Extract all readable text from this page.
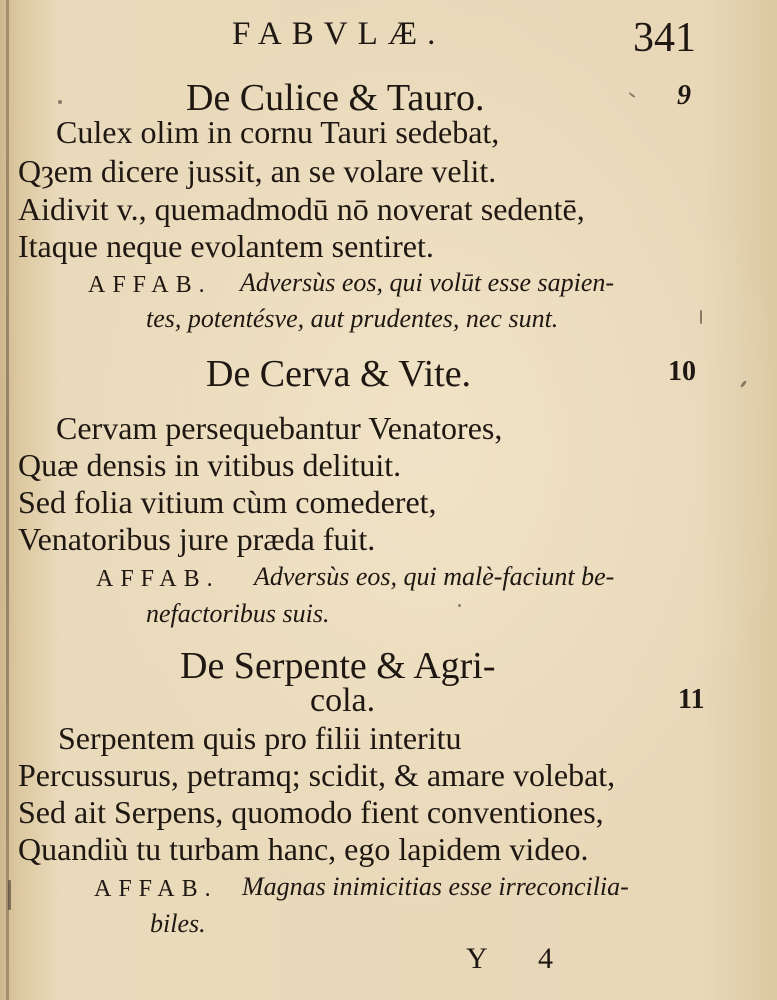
FABVLÆ.	341
De Culice & Tauro.	9
Culex olim in cornu Tauri sedebat,
Qȝem dicere jussit, an se volare velit.
Aidivit v., quemadmodū nō noverat sedentē,
Itaque neque evolantem sentiret.
AFFAB. Adversùs eos, qui volūt esse sapien-
tes, potentésve, aut prudentes, nec sunt.
De Cerva & Vite.	10
Cervam persequebantur Venatores,
Quæ densis in vitibus delituit.
Sed folia vitium cùm comederet,
Venatoribus jure præda fuit.
AFFAB. Adversùs eos, qui malè-faciunt be-
nefactoribus suis.
De Serpente & Agri-
cola.	11
Serpentem quis pro filii interitu
Percussurus, petramq; scidit, & amare volebat,
Sed ait Serpens, quomodo fient conventiones,
Quandiù tu turbam hanc, ego lapidem video.
AFFAB. Magnas inimicitias esse irreconcilia-
biles.
Y 4
